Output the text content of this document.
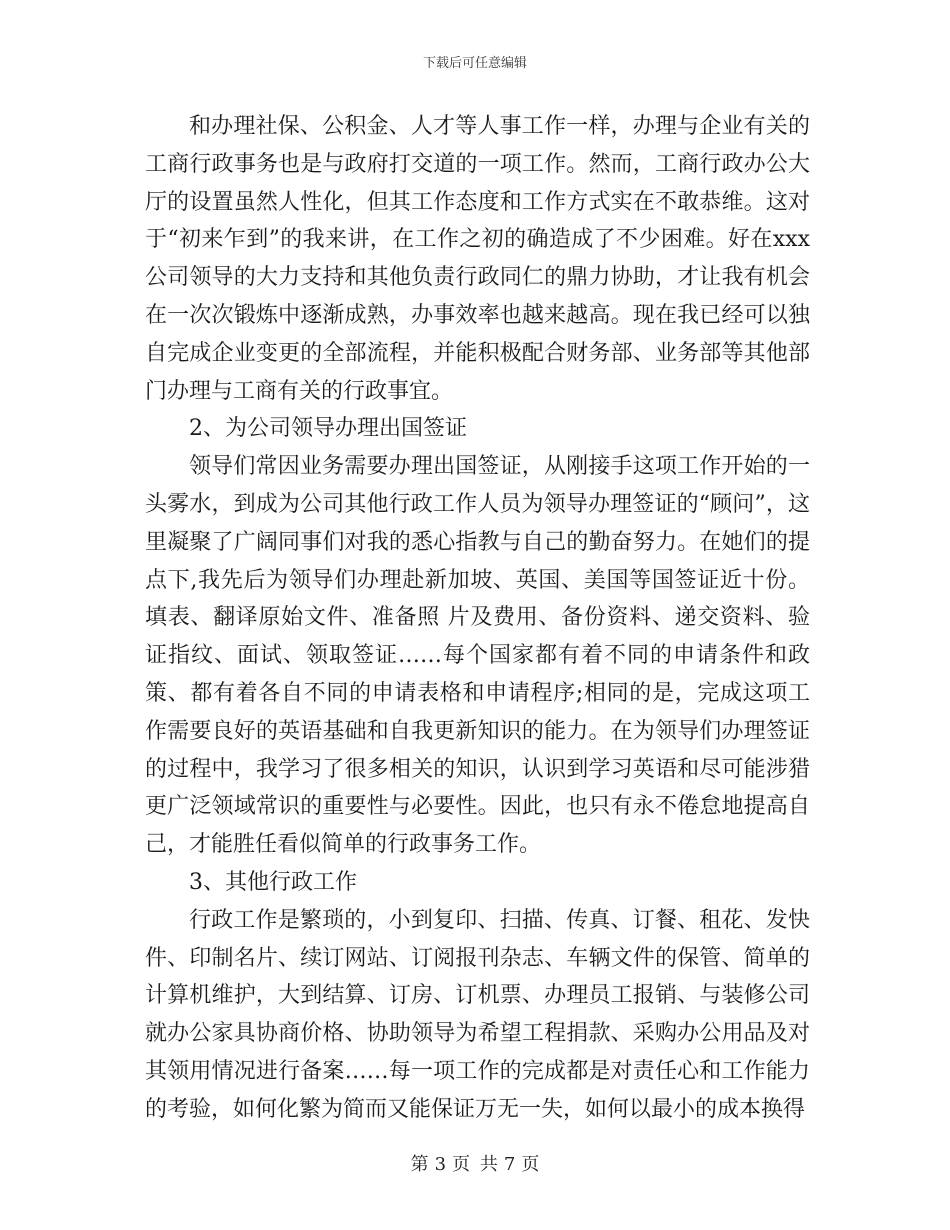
下载后可任意编辑

和办理社保、公积金、人才等人事工作一样，办理与企业有关的工商行政事务也是与政府打交道的一项工作。然而，工商行政办公大厅的设置虽然人性化，但其工作态度和工作方式实在不敢恭维。这对于“初来乍到”的我来讲，在工作之初的确造成了不少困难。好在xxx公司领导的大力支持和其他负责行政同仁的鼎力协助，才让我有机会在一次次锻炼中逐渐成熟，办事效率也越来越高。现在我已经可以独自完成企业变更的全部流程，并能积极配合财务部、业务部等其他部门办理与工商有关的行政事宜。

2、为公司领导办理出国签证

领导们常因业务需要办理出国签证，从刚接手这项工作开始的一头雾水，到成为公司其他行政工作人员为领导办理签证的“顾问”，这里凝聚了广阔同事们对我的悉心指教与自己的勤奋努力。在她们的提点下,我先后为领导们办理赴新加坡、英国、美国等国签证近十份。填表、翻译原始文件、准备照 片及费用、备份资料、递交资料、验证指纹、面试、领取签证……每个国家都有着不同的申请条件和政策、都有着各自不同的申请表格和申请程序;相同的是，完成这项工作需要良好的英语基础和自我更新知识的能力。在为领导们办理签证的过程中，我学习了很多相关的知识，认识到学习英语和尽可能涉猎更广泛领域常识的重要性与必要性。因此，也只有永不倦怠地提高自己，才能胜任看似简单的行政事务工作。

3、其他行政工作

行政工作是繁琐的，小到复印、扫描、传真、订餐、租花、发快件、印制名片、续订网站、订阅报刊杂志、车辆文件的保管、简单的计算机维护，大到结算、订房、订机票、办理员工报销、与装修公司就办公家具协商价格、协助领导为希望工程捐款、采购办公用品及对其领用情况进行备案……每一项工作的完成都是对责任心和工作能力的考验，如何化繁为简而又能保证万无一失，如何以最小的成本换得

第 3 页 共 7 页
